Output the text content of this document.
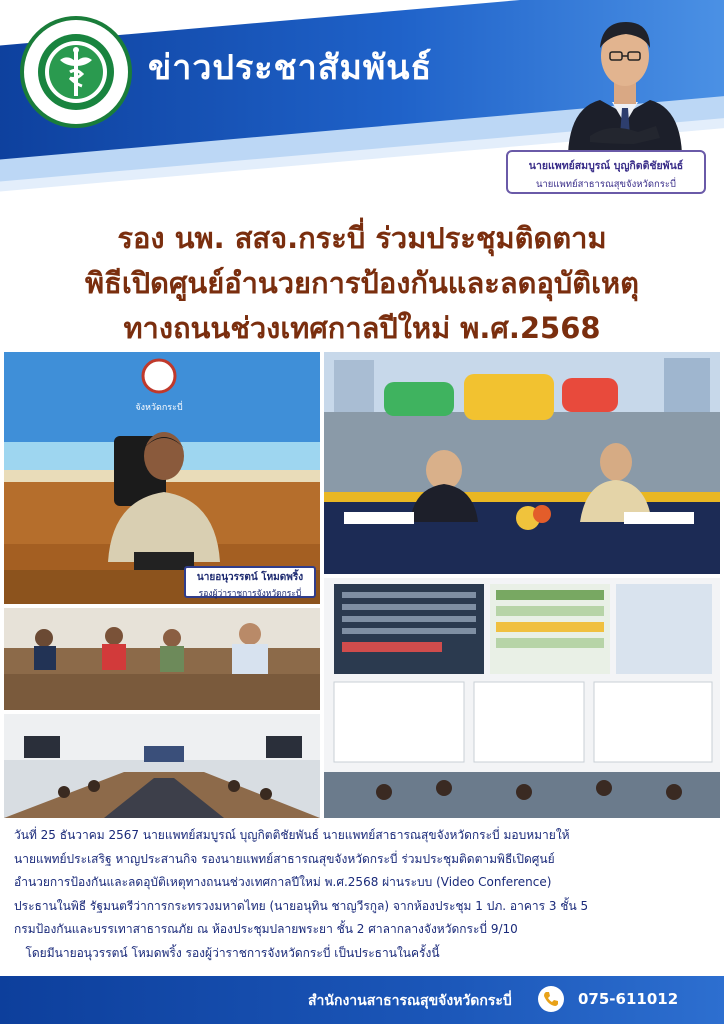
ข่าวประชาสัมพันธ์
นายแพทย์สมบูรณ์ บุญกิตติชัยพันธ์
นายแพทย์สาธารณสุขจังหวัดกระบี่
รอง นพ. สสจ.กระบี่ ร่วมประชุมติดตาม
พิธีเปิดศูนย์อำนวยการป้องกันและลดอุบัติเหตุ
ทางถนนช่วงเทศกาลปีใหม่ พ.ศ.2568
จังหวัดกระบี่
นายอนุวรรตน์ โหมดพริ้ง
รองผู้ว่าราชการจังหวัดกระบี่

วันที่ 25 ธันวาคม 2567 นายแพทย์สมบูรณ์ บุญกิตติชัยพันธ์ นายแพทย์สาธารณสุขจังหวัดกระบี่ มอบหมายให้

นายแพทย์ประเสริฐ หาญประสานกิจ รองนายแพทย์สาธารณสุขจังหวัดกระบี่ ร่วมประชุมติดตามพิธีเปิดศูนย์

อำนวยการป้องกันและลดอุบัติเหตุทางถนนช่วงเทศกาลปีใหม่ พ.ศ.2568 ผ่านระบบ (Video Conference)

ประธานในพิธี รัฐมนตรีว่าการกระทรวงมหาดไทย (นายอนุทิน ชาญวีรกูล) จากห้องประชุม 1 ปภ. อาคาร 3 ชั้น 5

กรมป้องกันและบรรเทาสาธารณภัย ณ ห้องประชุมปลายพระยา ชั้น 2 ศาลากลางจังหวัดกระบี่ 9/10

โดยมีนายอนุวรรตน์ โหมดพริ้ง รองผู้ว่าราชการจังหวัดกระบี่ เป็นประธานในครั้งนี้

สำนักงานสาธารณสุขจังหวัดกระบี่	075-611012
